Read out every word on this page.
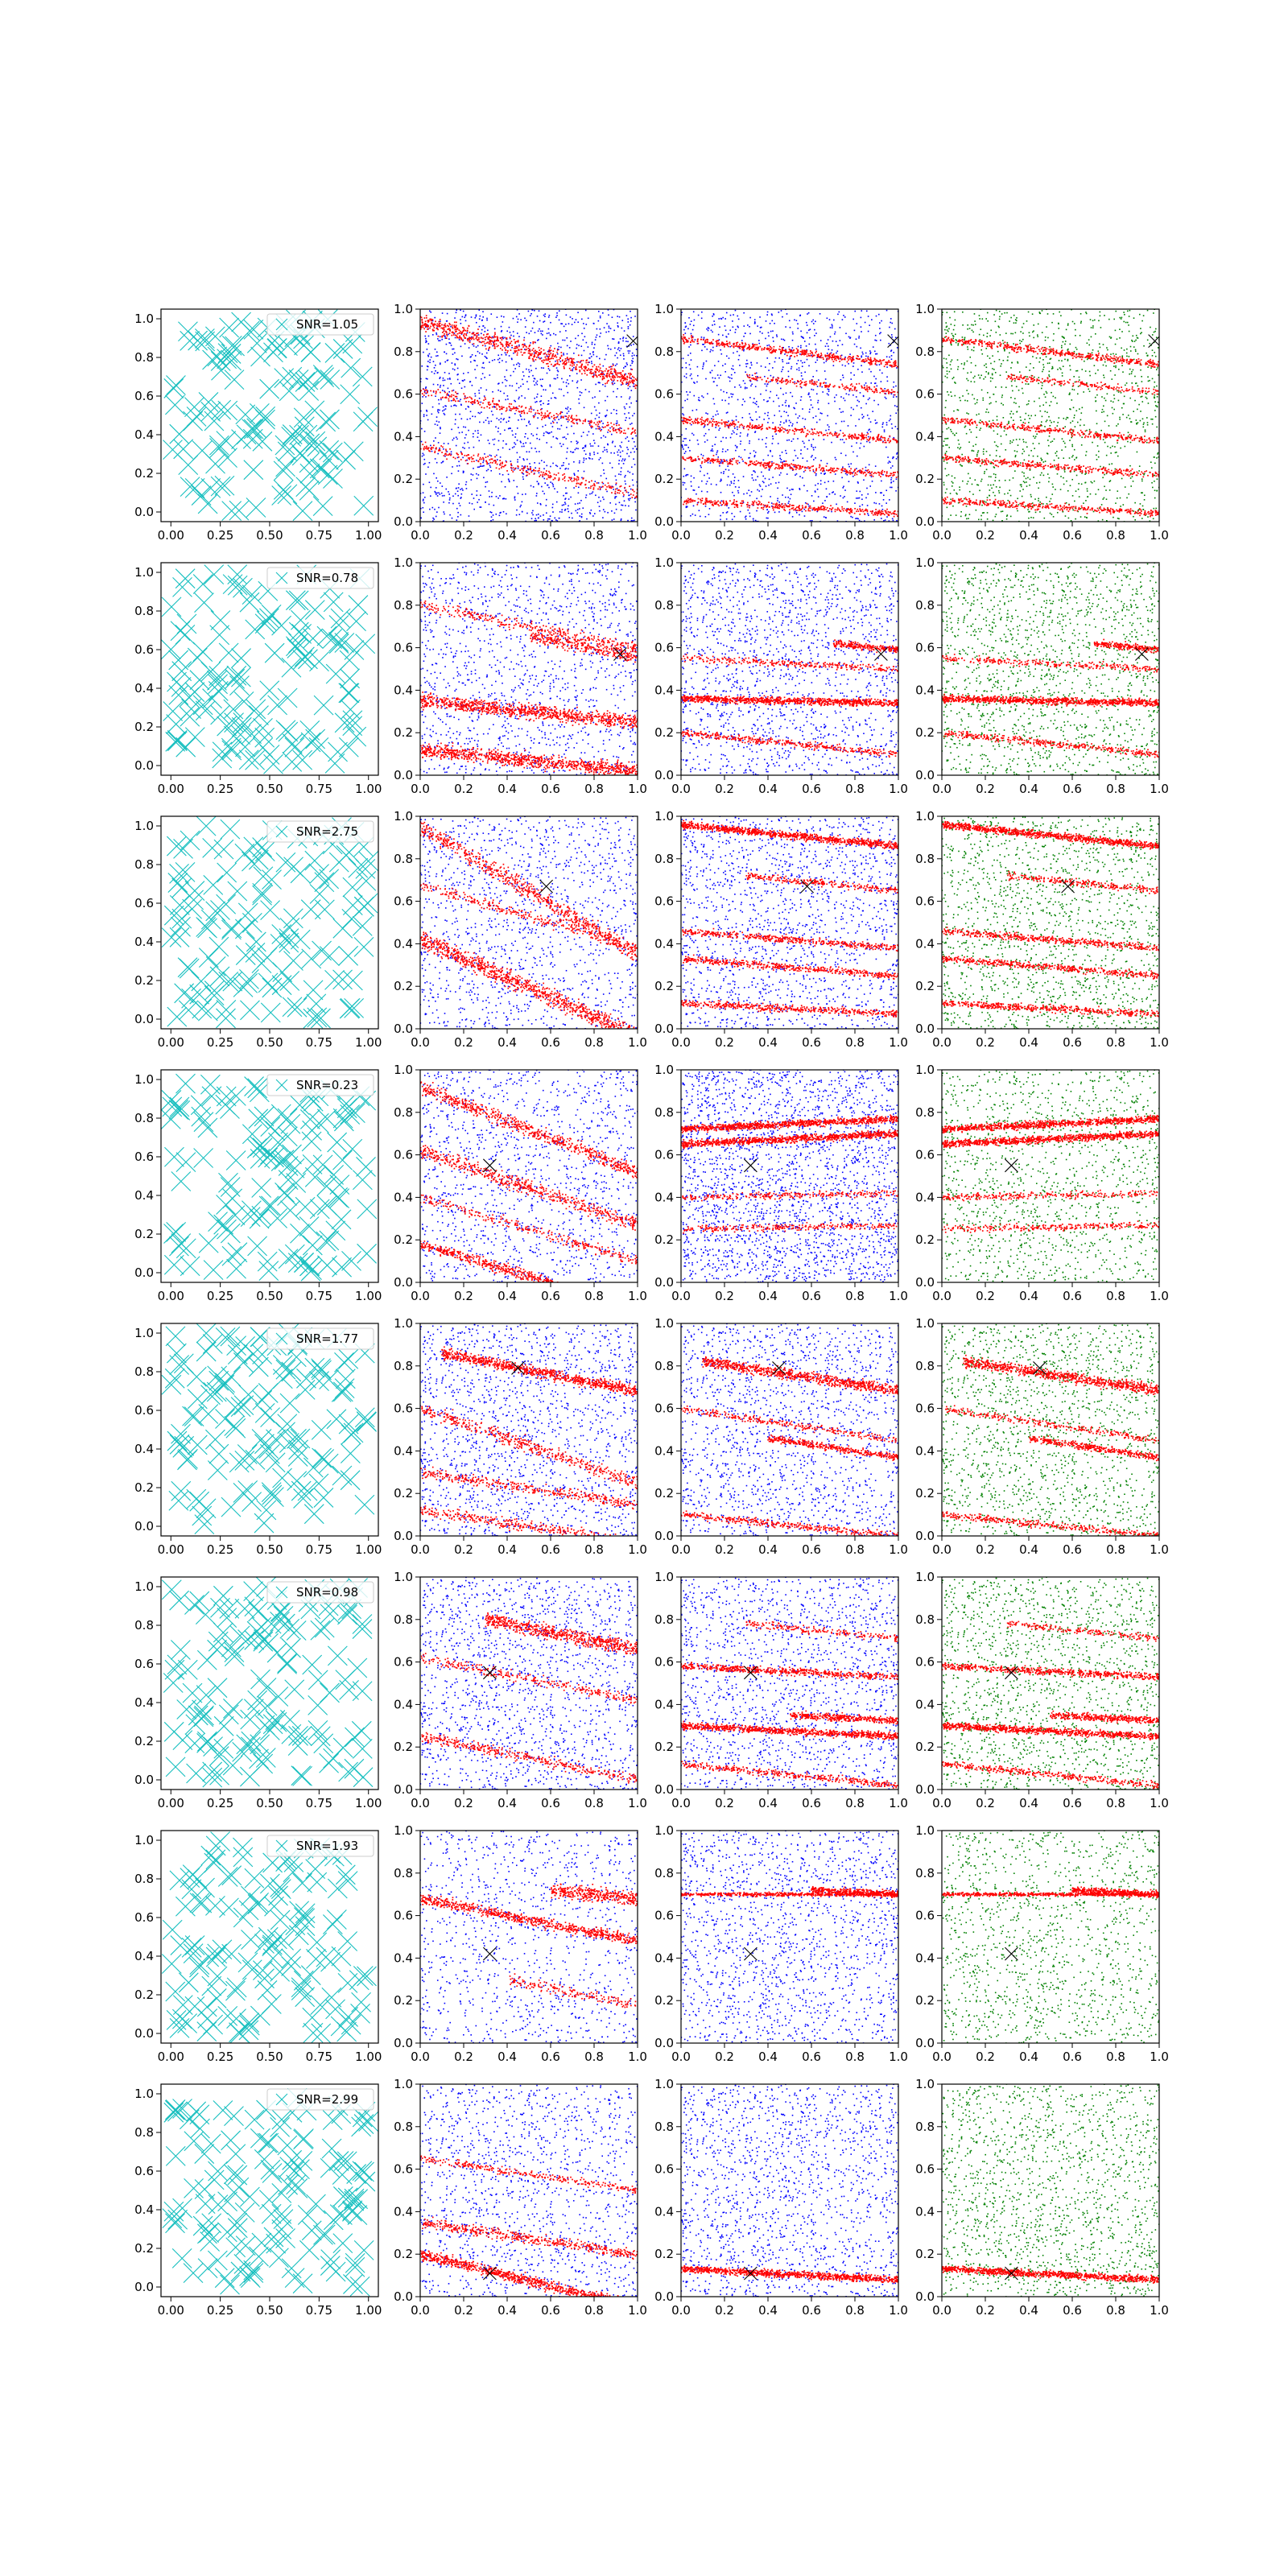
0.00 0.25 0.50 0.75 1.00
0.0
0.2
0.4
0.6
0.8
1.0	SNR=1.05
0.0 0.2 0.4 0.6 0.8 1.0
0.0
0.2
0.4
0.6
0.8
1.0
0.0 0.2 0.4 0.6 0.8 1.0
0.0
0.2
0.4
0.6
0.8
1.0
0.0 0.2 0.4 0.6 0.8 1.0
0.0
0.2
0.4
0.6
0.8
1.0
0.00 0.25 0.50 0.75 1.00
0.0
0.2
0.4
0.6
0.8
1.0	SNR=0.78
0.0 0.2 0.4 0.6 0.8 1.0
0.0
0.2
0.4
0.6
0.8
1.0
0.0 0.2 0.4 0.6 0.8 1.0
0.0
0.2
0.4
0.6
0.8
1.0
0.0 0.2 0.4 0.6 0.8 1.0
0.0
0.2
0.4
0.6
0.8
1.0
0.00 0.25 0.50 0.75 1.00
0.0
0.2
0.4
0.6
0.8
1.0	SNR=2.75
0.0 0.2 0.4 0.6 0.8 1.0
0.0
0.2
0.4
0.6
0.8
1.0
0.0 0.2 0.4 0.6 0.8 1.0
0.0
0.2
0.4
0.6
0.8
1.0
0.0 0.2 0.4 0.6 0.8 1.0
0.0
0.2
0.4
0.6
0.8
1.0
0.00 0.25 0.50 0.75 1.00
0.0
0.2
0.4
0.6
0.8
1.0	SNR=0.23
0.0 0.2 0.4 0.6 0.8 1.0
0.0
0.2
0.4
0.6
0.8
1.0
0.0 0.2 0.4 0.6 0.8 1.0
0.0
0.2
0.4
0.6
0.8
1.0
0.0 0.2 0.4 0.6 0.8 1.0
0.0
0.2
0.4
0.6
0.8
1.0
0.00 0.25 0.50 0.75 1.00
0.0
0.2
0.4
0.6
0.8
1.0	SNR=1.77
0.0 0.2 0.4 0.6 0.8 1.0
0.0
0.2
0.4
0.6
0.8
1.0
0.0 0.2 0.4 0.6 0.8 1.0
0.0
0.2
0.4
0.6
0.8
1.0
0.0 0.2 0.4 0.6 0.8 1.0
0.0
0.2
0.4
0.6
0.8
1.0
0.00 0.25 0.50 0.75 1.00
0.0
0.2
0.4
0.6
0.8
1.0	SNR=0.98
0.0 0.2 0.4 0.6 0.8 1.0
0.0
0.2
0.4
0.6
0.8
1.0
0.0 0.2 0.4 0.6 0.8 1.0
0.0
0.2
0.4
0.6
0.8
1.0
0.0 0.2 0.4 0.6 0.8 1.0
0.0
0.2
0.4
0.6
0.8
1.0
0.00 0.25 0.50 0.75 1.00
0.0
0.2
0.4
0.6
0.8
1.0	SNR=1.93
0.0 0.2 0.4 0.6 0.8 1.0
0.0
0.2
0.4
0.6
0.8
1.0
0.0 0.2 0.4 0.6 0.8 1.0
0.0
0.2
0.4
0.6
0.8
1.0
0.0 0.2 0.4 0.6 0.8 1.0
0.0
0.2
0.4
0.6
0.8
1.0
0.00 0.25 0.50 0.75 1.00
0.0
0.2
0.4
0.6
0.8
1.0	SNR=2.99
0.0 0.2 0.4 0.6 0.8 1.0
0.0
0.2
0.4
0.6
0.8
1.0
0.0 0.2 0.4 0.6 0.8 1.0
0.0
0.2
0.4
0.6
0.8
1.0
0.0 0.2 0.4 0.6 0.8 1.0
0.0
0.2
0.4
0.6
0.8
1.0
